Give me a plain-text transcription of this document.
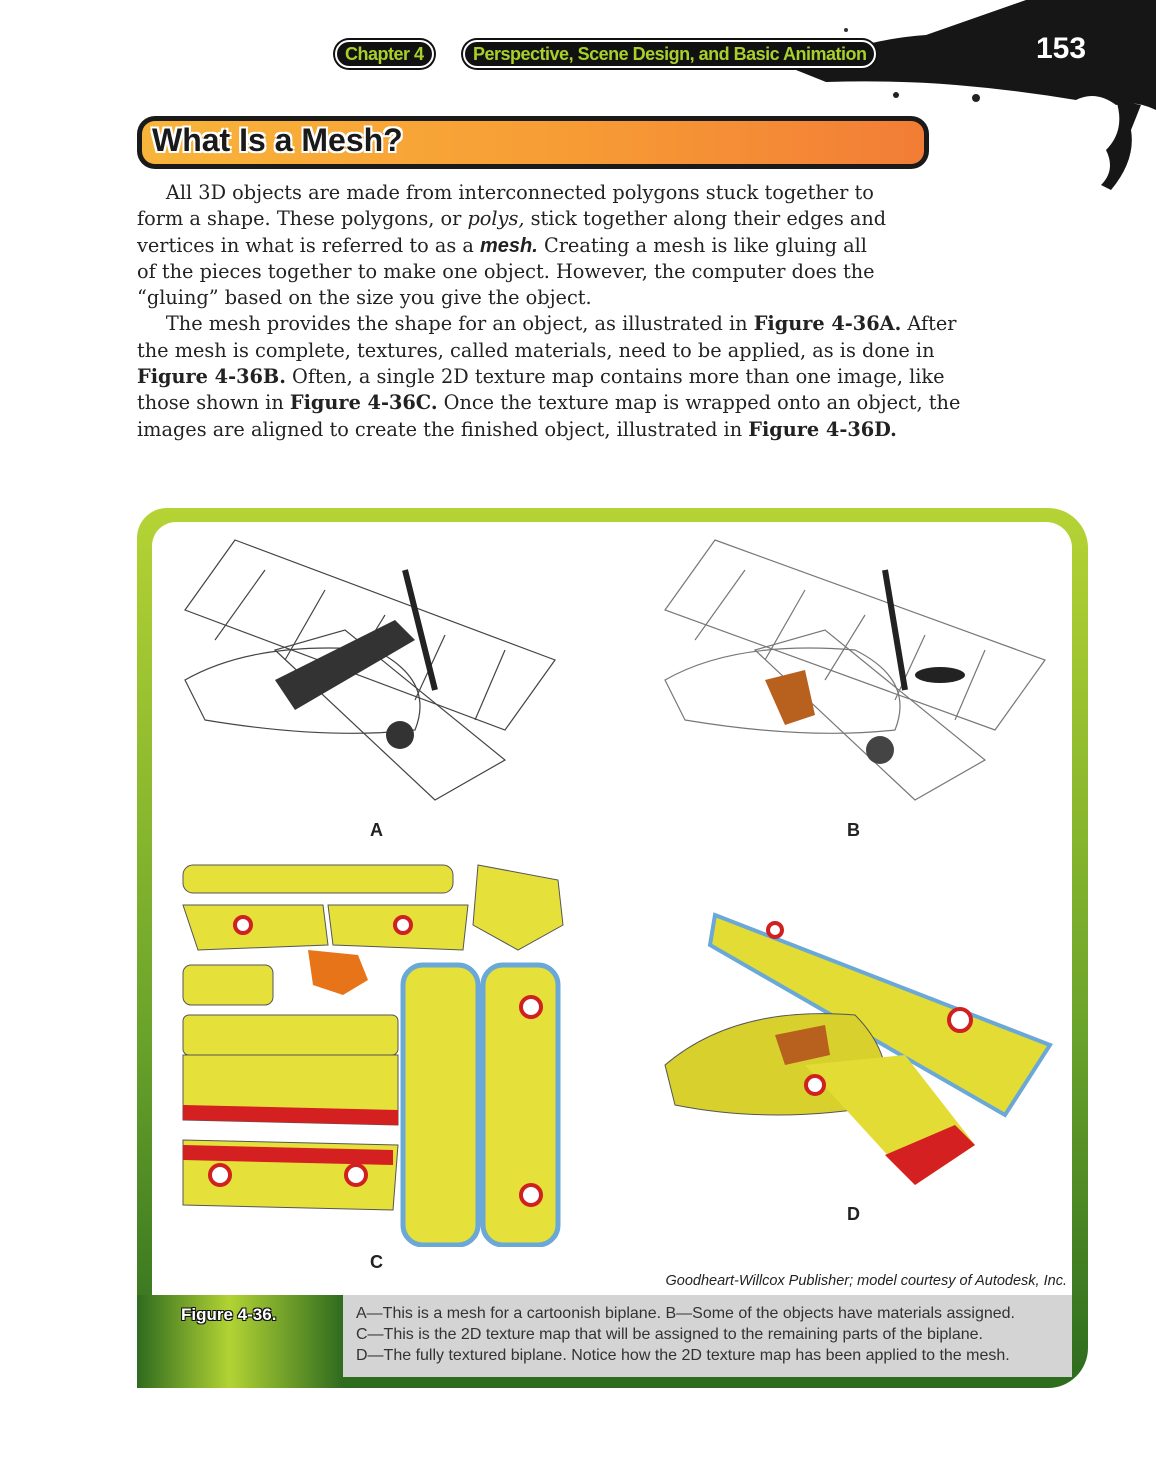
Chapter 4	Perspective, Scene Design, and Basic Animation	153
What Is a Mesh?
  All 3D objects are made from interconnected polygons stuck together to
form a shape. These polygons, or polys, stick together along their edges and
vertices in what is referred to as a mesh. Creating a mesh is like gluing all
of the pieces together to make one object. However, the computer does the
“gluing” based on the size you give the object.
  The mesh provides the shape for an object, as illustrated in Figure 4-36A. After
the mesh is complete, textures, called materials, need to be applied, as is done in
Figure 4-36B. Often, a single 2D texture map contains more than one image, like
those shown in Figure 4-36C. Once the texture map is wrapped onto an object, the
images are aligned to create the finished object, illustrated in Figure 4-36D.
A	B
C
D
Goodheart-Willcox Publisher; model courtesy of Autodesk, Inc.
Figure 4-36.	A—This is a mesh for a cartoonish biplane. B—Some of the objects have materials assigned.
C—This is the 2D texture map that will be assigned to the remaining parts of the biplane.
D—The fully textured biplane. Notice how the 2D texture map has been applied to the mesh.
